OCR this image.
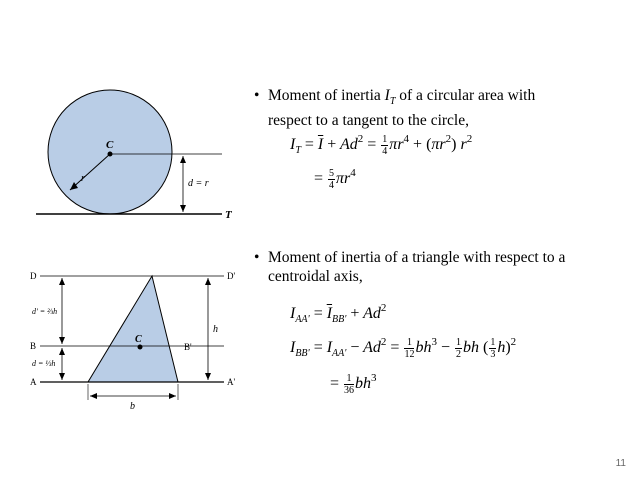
C
r	d = r
T
• Moment of inertia $I_T$ of a circular area with
respect to a tangent to the circle,
$I_T = \overline{I} + Ad^2 = \frac{1}{4} \pi r^4 + (\pi r^2)$ $r^2$
= $\frac{5}{4} \pi r^4$
D	D'
B	B'
A	A'
C
h
b
d' = ⅔h
d = ⅓h
• Moment of inertia of a triangle with respect to a
centroidal axis,
$I_{AA'} = \overline{I}_{BB'} + Ad^2$
$I_{BB'} = I_{AA'} - Ad^2 = \frac{1}{12} bh^3 - \frac{1}{2}$ bh ( $\frac{1}{3} h)^2$
= $\frac{1}{36} bh^3$
11
